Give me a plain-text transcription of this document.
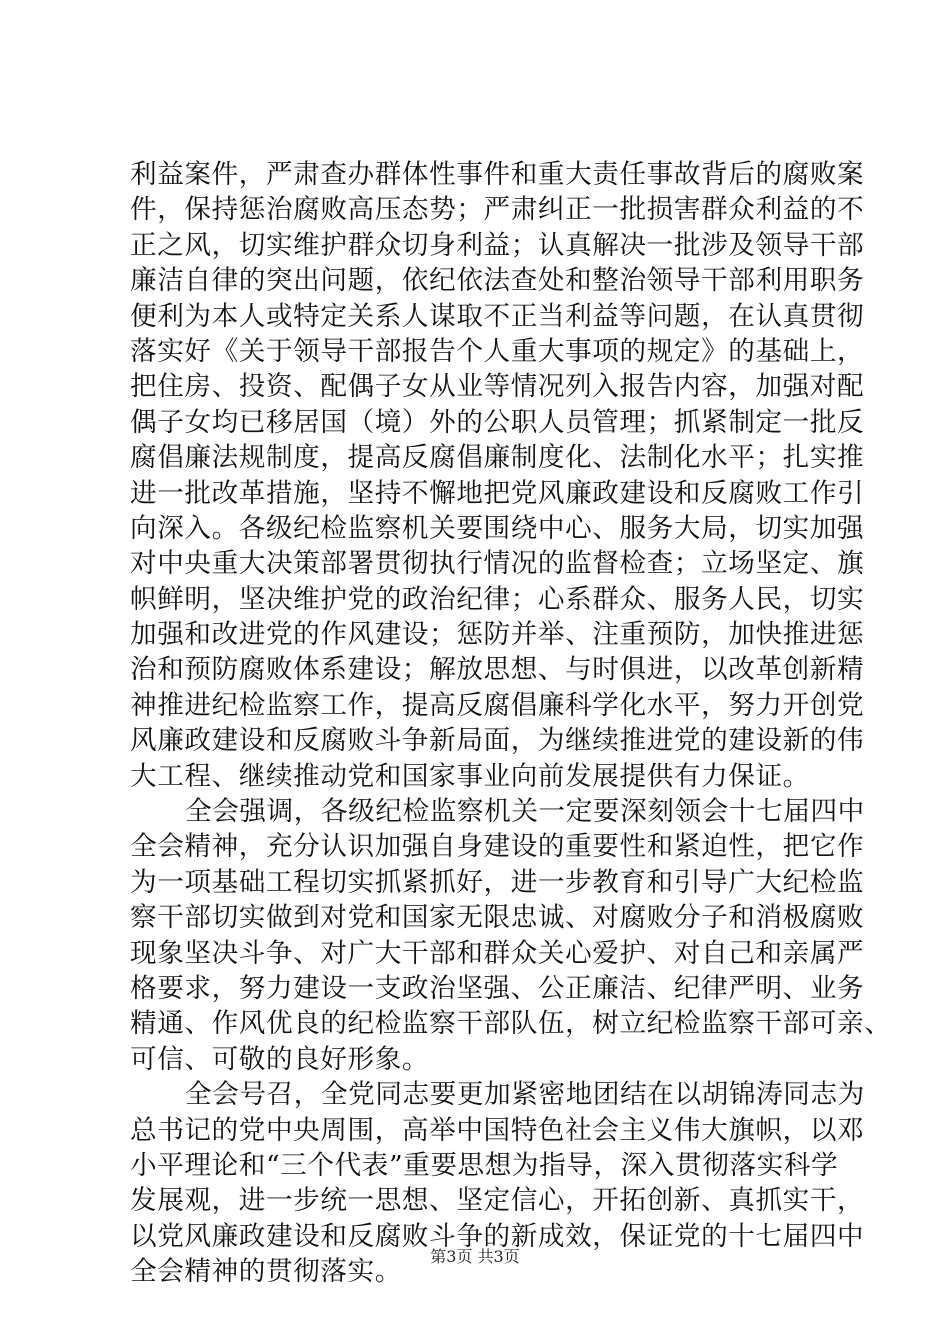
利益案件，严肃查办群体性事件和重大责任事故背后的腐败案
件，保持惩治腐败高压态势；严肃纠正一批损害群众利益的不
正之风，切实维护群众切身利益；认真解决一批涉及领导干部
廉洁自律的突出问题，依纪依法查处和整治领导干部利用职务
便利为本人或特定关系人谋取不正当利益等问题，在认真贯彻
落实好《关于领导干部报告个人重大事项的规定》的基础上，
把住房、投资、配偶子女从业等情况列入报告内容，加强对配
偶子女均已移居国（境）外的公职人员管理；抓紧制定一批反
腐倡廉法规制度，提高反腐倡廉制度化、法制化水平；扎实推
进一批改革措施，坚持不懈地把党风廉政建设和反腐败工作引
向深入。各级纪检监察机关要围绕中心、服务大局，切实加强
对中央重大决策部署贯彻执行情况的监督检查；立场坚定、旗
帜鲜明，坚决维护党的政治纪律；心系群众、服务人民，切实
加强和改进党的作风建设；惩防并举、注重预防，加快推进惩
治和预防腐败体系建设；解放思想、与时俱进，以改革创新精
神推进纪检监察工作，提高反腐倡廉科学化水平，努力开创党
风廉政建设和反腐败斗争新局面，为继续推进党的建设新的伟
大工程、继续推动党和国家事业向前发展提供有力保证。
全会强调，各级纪检监察机关一定要深刻领会十七届四中
全会精神，充分认识加强自身建设的重要性和紧迫性，把它作
为一项基础工程切实抓紧抓好，进一步教育和引导广大纪检监
察干部切实做到对党和国家无限忠诚、对腐败分子和消极腐败
现象坚决斗争、对广大干部和群众关心爱护、对自己和亲属严
格要求，努力建设一支政治坚强、公正廉洁、纪律严明、业务
精通、作风优良的纪检监察干部队伍，树立纪检监察干部可亲、
可信、可敬的良好形象。
全会号召，全党同志要更加紧密地团结在以胡锦涛同志为
总书记的党中央周围，高举中国特色社会主义伟大旗帜，以邓
小平理论和“三个代表”重要思想为指导，深入贯彻落实科学
发展观，进一步统一思想、坚定信心，开拓创新、真抓实干，
以党风廉政建设和反腐败斗争的新成效，保证党的十七届四中
全会精神的贯彻落实。	第3页 共3页
